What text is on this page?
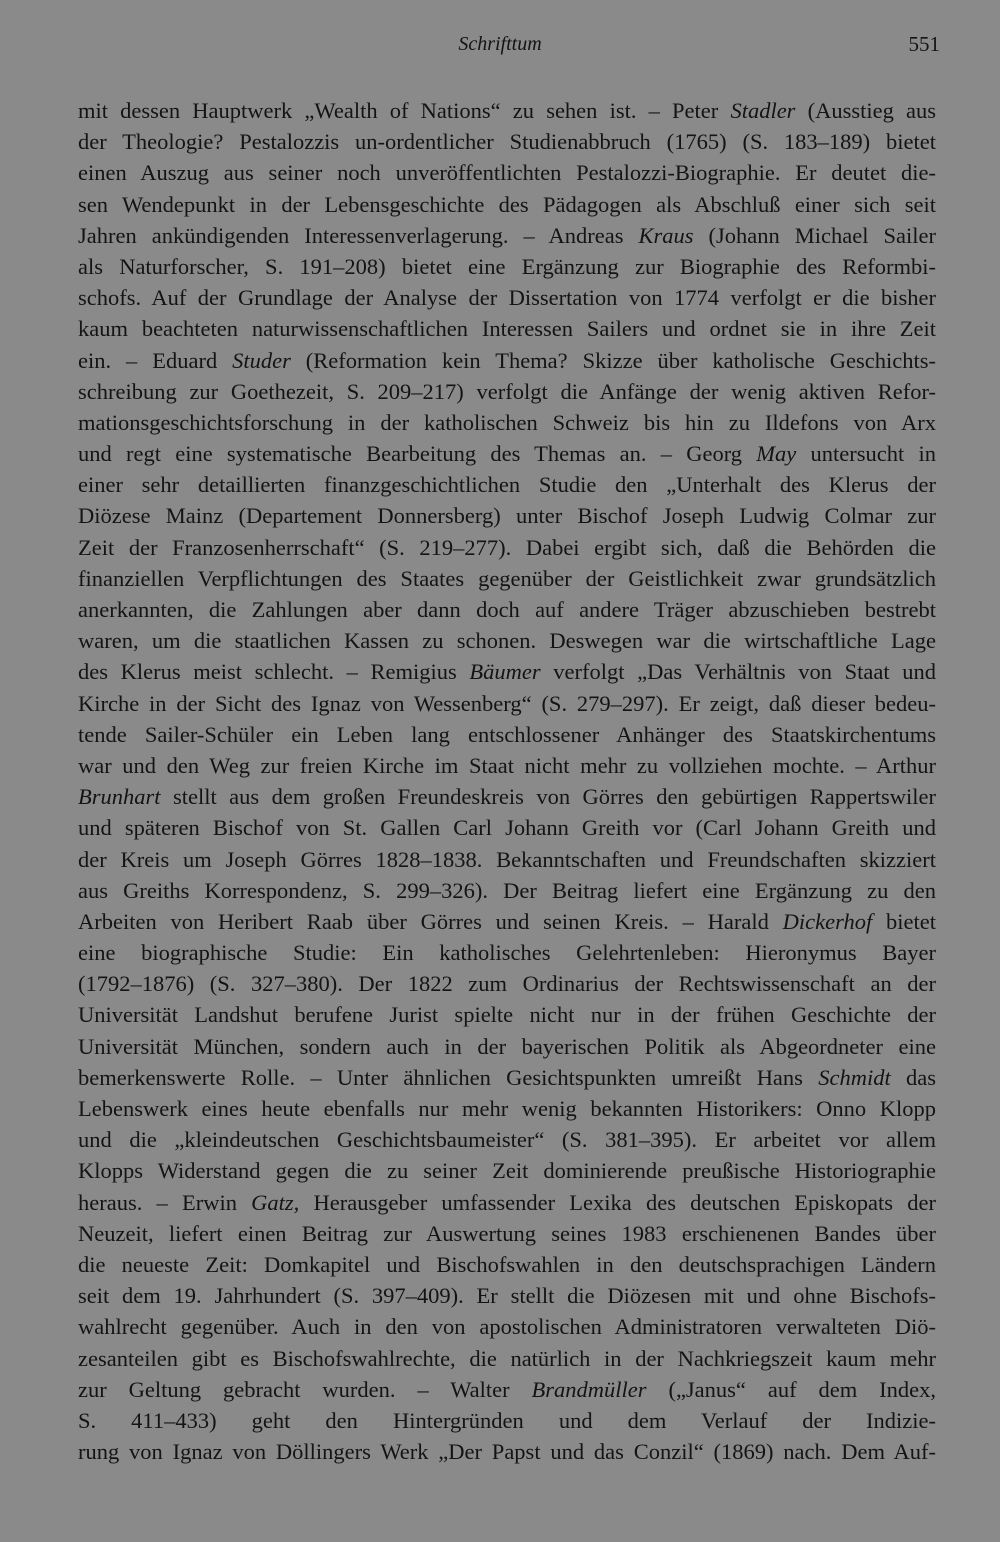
Schrifttum	551
mit dessen Hauptwerk „Wealth of Nations“ zu sehen ist. – Peter Stadler (Ausstieg aus
der Theologie? Pestalozzis un-ordentlicher Studienabbruch (1765) (S. 183–189) bietet
einen Auszug aus seiner noch unveröffentlichten Pestalozzi-Biographie. Er deutet die-
sen Wendepunkt in der Lebensgeschichte des Pädagogen als Abschluß einer sich seit
Jahren ankündigenden Interessenverlagerung. – Andreas Kraus (Johann Michael Sailer
als Naturforscher, S. 191–208) bietet eine Ergänzung zur Biographie des Reformbi-
schofs. Auf der Grundlage der Analyse der Dissertation von 1774 verfolgt er die bisher
kaum beachteten naturwissenschaftlichen Interessen Sailers und ordnet sie in ihre Zeit
ein. – Eduard Studer (Reformation kein Thema? Skizze über katholische Geschichts-
schreibung zur Goethezeit, S. 209–217) verfolgt die Anfänge der wenig aktiven Refor-
mationsgeschichtsforschung in der katholischen Schweiz bis hin zu Ildefons von Arx
und regt eine systematische Bearbeitung des Themas an. – Georg May untersucht in
einer sehr detaillierten finanzgeschichtlichen Studie den „Unterhalt des Klerus der
Diözese Mainz (Departement Donnersberg) unter Bischof Joseph Ludwig Colmar zur
Zeit der Franzosenherrschaft“ (S. 219–277). Dabei ergibt sich, daß die Behörden die
finanziellen Verpflichtungen des Staates gegenüber der Geistlichkeit zwar grundsätzlich
anerkannten, die Zahlungen aber dann doch auf andere Träger abzuschieben bestrebt
waren, um die staatlichen Kassen zu schonen. Deswegen war die wirtschaftliche Lage
des Klerus meist schlecht. – Remigius Bäumer verfolgt „Das Verhältnis von Staat und
Kirche in der Sicht des Ignaz von Wessenberg“ (S. 279–297). Er zeigt, daß dieser bedeu-
tende Sailer-Schüler ein Leben lang entschlossener Anhänger des Staatskirchentums
war und den Weg zur freien Kirche im Staat nicht mehr zu vollziehen mochte. – Arthur
Brunhart stellt aus dem großen Freundeskreis von Görres den gebürtigen Rappertswiler
und späteren Bischof von St. Gallen Carl Johann Greith vor (Carl Johann Greith und
der Kreis um Joseph Görres 1828–1838. Bekanntschaften und Freundschaften skizziert
aus Greiths Korrespondenz, S. 299–326). Der Beitrag liefert eine Ergänzung zu den
Arbeiten von Heribert Raab über Görres und seinen Kreis. – Harald Dickerhof bietet
eine biographische Studie: Ein katholisches Gelehrtenleben: Hieronymus Bayer
(1792–1876) (S. 327–380). Der 1822 zum Ordinarius der Rechtswissenschaft an der
Universität Landshut berufene Jurist spielte nicht nur in der frühen Geschichte der
Universität München, sondern auch in der bayerischen Politik als Abgeordneter eine
bemerkenswerte Rolle. – Unter ähnlichen Gesichtspunkten umreißt Hans Schmidt das
Lebenswerk eines heute ebenfalls nur mehr wenig bekannten Historikers: Onno Klopp
und die „kleindeutschen Geschichtsbaumeister“ (S. 381–395). Er arbeitet vor allem
Klopps Widerstand gegen die zu seiner Zeit dominierende preußische Historiographie
heraus. – Erwin Gatz, Herausgeber umfassender Lexika des deutschen Episkopats der
Neuzeit, liefert einen Beitrag zur Auswertung seines 1983 erschienenen Bandes über
die neueste Zeit: Domkapitel und Bischofswahlen in den deutschsprachigen Ländern
seit dem 19. Jahrhundert (S. 397–409). Er stellt die Diözesen mit und ohne Bischofs-
wahlrecht gegenüber. Auch in den von apostolischen Administratoren verwalteten Diö-
zesanteilen gibt es Bischofswahlrechte, die natürlich in der Nachkriegszeit kaum mehr
zur Geltung gebracht wurden. – Walter Brandmüller („Janus“ auf dem Index,
S. 411–433) geht den Hintergründen und dem Verlauf der Indizie-
rung von Ignaz von Döllingers Werk „Der Papst und das Conzil“ (1869) nach. Dem Auf-
